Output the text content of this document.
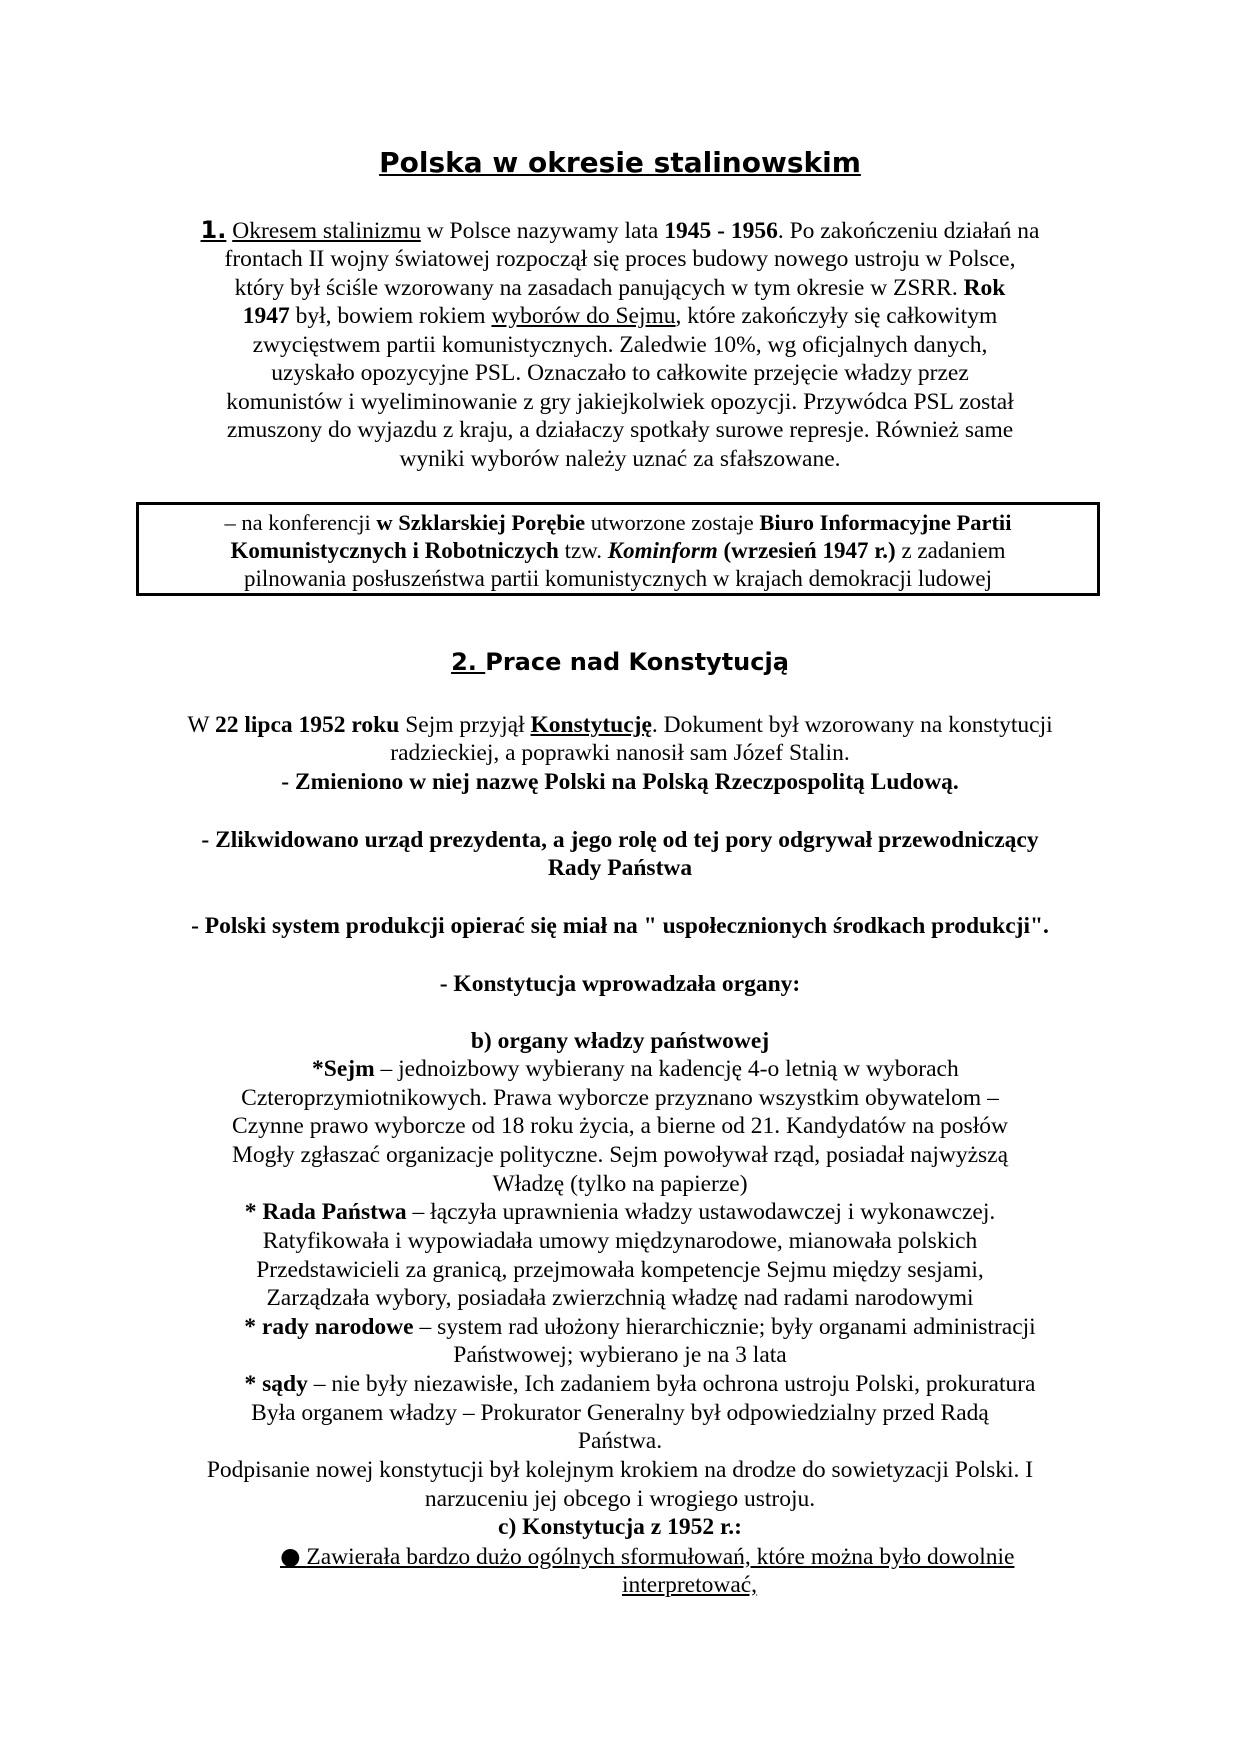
Polska w okresie stalinowskim
1. Okresem stalinizmu w Polsce nazywamy lata 1945 - 1956. Po zakończeniu działań na
frontach II wojny światowej rozpoczął się proces budowy nowego ustroju w Polsce,
który był ściśle wzorowany na zasadach panujących w tym okresie w ZSRR. Rok
1947 był, bowiem rokiem wyborów do Sejmu, które zakończyły się całkowitym
zwycięstwem partii komunistycznych. Zaledwie 10%, wg oficjalnych danych,
uzyskało opozycyjne PSL. Oznaczało to całkowite przejęcie władzy przez
komunistów i wyeliminowanie z gry jakiejkolwiek opozycji. Przywódca PSL został
zmuszony do wyjazdu z kraju, a działaczy spotkały surowe represje. Również same
wyniki wyborów należy uznać za sfałszowane.
– na konferencji w Szklarskiej Porębie utworzone zostaje Biuro Informacyjne Partii
Komunistycznych i Robotniczych tzw. Kominform (wrzesień 1947 r.) z zadaniem
pilnowania posłuszeństwa partii komunistycznych w krajach demokracji ludowej
2. Prace nad Konstytucją
W 22 lipca 1952 roku Sejm przyjął Konstytucję. Dokument był wzorowany na konstytucji
radzieckiej, a poprawki nanosił sam Józef Stalin.
- Zmieniono w niej nazwę Polski na Polską Rzeczpospolitą Ludową.
- Zlikwidowano urząd prezydenta, a jego rolę od tej pory odgrywał przewodniczący
Rady Państwa
- Polski system produkcji opierać się miał na " uspołecznionych środkach produkcji".
- Konstytucja wprowadzała organy:
b) organy władzy państwowej
*Sejm – jednoizbowy wybierany na kadencję 4-o letnią w wyborach
Czteroprzymiotnikowych. Prawa wyborcze przyznano wszystkim obywatelom –
Czynne prawo wyborcze od 18 roku życia, a bierne od 21. Kandydatów na posłów
Mogły zgłaszać organizacje polityczne. Sejm powoływał rząd, posiadał najwyższą
Władzę (tylko na papierze)
* Rada Państwa – łączyła uprawnienia władzy ustawodawczej i wykonawczej.
Ratyfikowała i wypowiadała umowy międzynarodowe, mianowała polskich
Przedstawicieli za granicą, przejmowała kompetencje Sejmu między sesjami,
Zarządzała wybory, posiadała zwierzchnią władzę nad radami narodowymi
* rady narodowe – system rad ułożony hierarchicznie; były organami administracji
Państwowej; wybierano je na 3 lata
* sądy – nie były niezawisłe, Ich zadaniem była ochrona ustroju Polski, prokuratura
Była organem władzy – Prokurator Generalny był odpowiedzialny przed Radą
Państwa.
Podpisanie nowej konstytucji był kolejnym krokiem na drodze do sowietyzacji Polski. I
narzuceniu jej obcego i wrogiego ustroju.
c) Konstytucja z 1952 r.:
● Zawierała bardzo dużo ogólnych sformułowań, które można było dowolnie
interpretować,
